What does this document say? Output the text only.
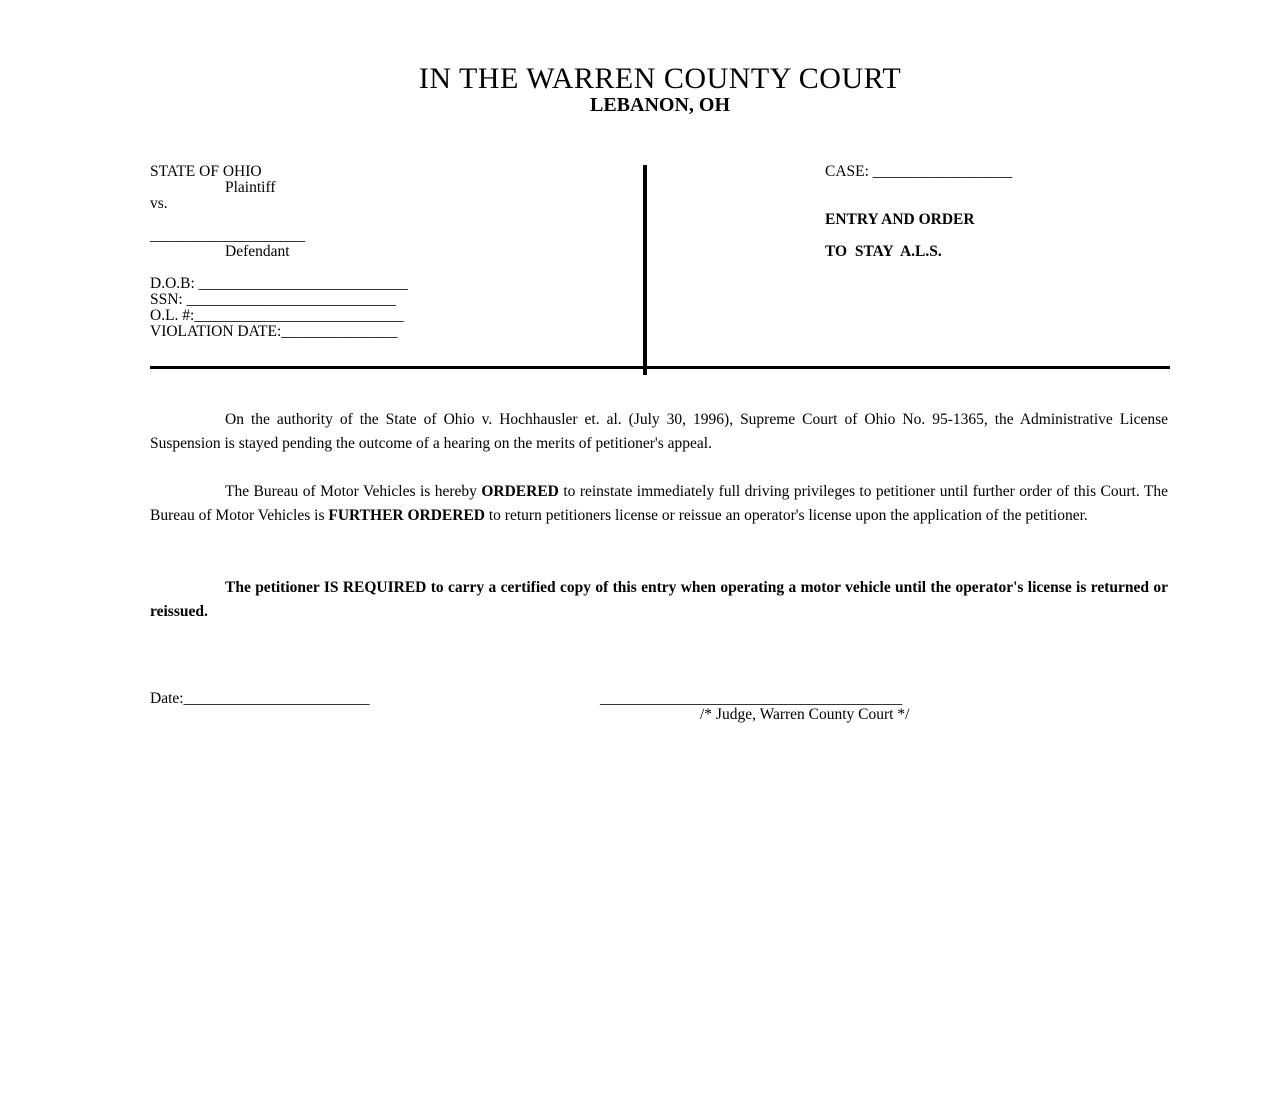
IN THE WARREN COUNTY COURT
LEBANON, OH
STATE OF OHIO
Plaintiff
vs.
____________________
Defendant
D.O.B: ___________________________
SSN: ___________________________
O.L. #:___________________________
VIOLATION DATE:_______________
CASE: __________________
ENTRY AND ORDER
TO  STAY  A.L.S.
On the authority of the State of Ohio v. Hochhausler et. al. (July 30, 1996), Supreme Court of Ohio No. 95-1365, the Administrative License Suspension is stayed pending the outcome of a hearing on the merits of petitioner's appeal.
The Bureau of Motor Vehicles is hereby ORDERED to reinstate immediately full driving privileges to petitioner until further order of this Court. The Bureau of Motor Vehicles is FURTHER ORDERED to return petitioners license or reissue an operator's license upon the application of the petitioner.
The petitioner IS REQUIRED to carry a certified copy of this entry when operating a motor vehicle until the operator's license is returned or reissued.
Date:________________________	_______________________________________
/* Judge, Warren County Court */
